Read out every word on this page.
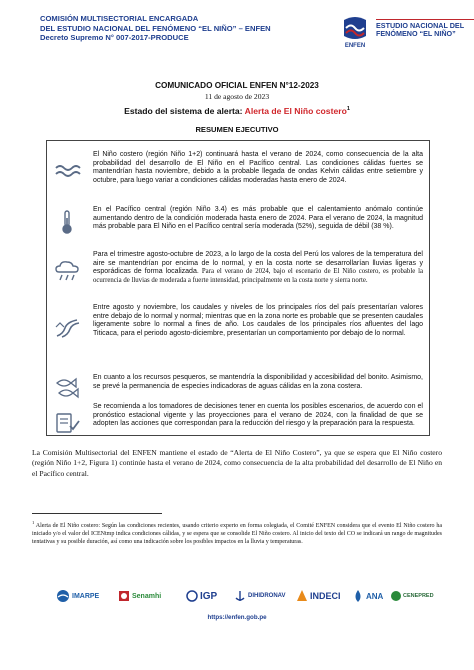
COMISIÓN MULTISECTORIAL ENCARGADA
DEL ESTUDIO NACIONAL DEL FENÓMENO “EL NIÑO” – ENFEN
Decreto Supremo N° 007-2017-PRODUCE
ENFEN
ESTUDIO NACIONAL DEL
FENÓMENO “EL NIÑO”
COMUNICADO OFICIAL ENFEN N°12-2023
11 de agosto de 2023
Estado del sistema de alerta: Alerta de El Niño costero$^1$
RESUMEN EJECUTIVO
El Niño costero (región Niño 1+2) continuará hasta el verano de 2024, como consecuencia de la alta probabilidad del desarrollo de El Niño en el Pacífico central. Las condiciones cálidas fuertes se mantendrían hasta noviembre, debido a la probable llegada de ondas Kelvin cálidas entre setiembre y octubre, para luego variar a condiciones cálidas moderadas hasta enero de 2024.
En el Pacífico central (región Niño 3.4) es más probable que el calentamiento anómalo continúe aumentando dentro de la condición moderada hasta enero de 2024. Para el verano de 2024, la magnitud más probable para El Niño en el Pacífico central sería moderada (52%), seguida de débil (38 %).
Para el trimestre agosto-octubre de 2023, a lo largo de la costa del Perú los valores de la temperatura del aire se mantendrían por encima de lo normal, y en la costa norte se desarrollarían lluvias ligeras y esporádicas de forma localizada. Para el verano de 2024, bajo el escenario de El Niño costero, es probable la ocurrencia de lluvias de moderada a fuerte intensidad, principalmente en la costa norte y sierra norte.
Entre agosto y noviembre, los caudales y niveles de los principales ríos del país presentarían valores entre debajo de lo normal y normal; mientras que en la zona norte es probable que se presenten caudales ligeramente sobre lo normal a fines de año. Los caudales de los principales ríos afluentes del lago Titicaca, para el periodo agosto-diciembre, presentarían un comportamiento por debajo de lo normal.
En cuanto a los recursos pesqueros, se mantendría la disponibilidad y accesibilidad del bonito. Asimismo, se prevé la permanencia de especies indicadoras de aguas cálidas en la zona costera.
Se recomienda a los tomadores de decisiones tener en cuenta los posibles escenarios, de acuerdo con el pronóstico estacional vigente y las proyecciones para el verano de 2024, con la finalidad de que se adopten las acciones que correspondan para la reducción del riesgo y la preparación para la respuesta.
La Comisión Multisectorial del ENFEN mantiene el estado de “Alerta de El Niño Costero”, ya que se espera que El Niño costero (región Niño 1+2, Figura 1) continúe hasta el verano de 2024, como consecuencia de la alta probabilidad del desarrollo de El Niño en el Pacífico central.
$^1$ Alerta de El Niño costero: Según las condiciones recientes, usando criterio experto en forma colegiada, el Comité ENFEN considera que el evento El Niño costero ha iniciado y/o el valor del ICENtmp indica condiciones cálidas, y se espera que se consolide El Niño costero. Al inicio del texto del CO se indicará un rango de magnitudes tentativas y su posible duración, así como una indicación sobre los posibles impactos en la lluvia y temperaturas.
IMARPE	Senamhi	IGP	DIHIDRONAV	INDECI	ANA	CENEPRED
https://enfen.gob.pe
